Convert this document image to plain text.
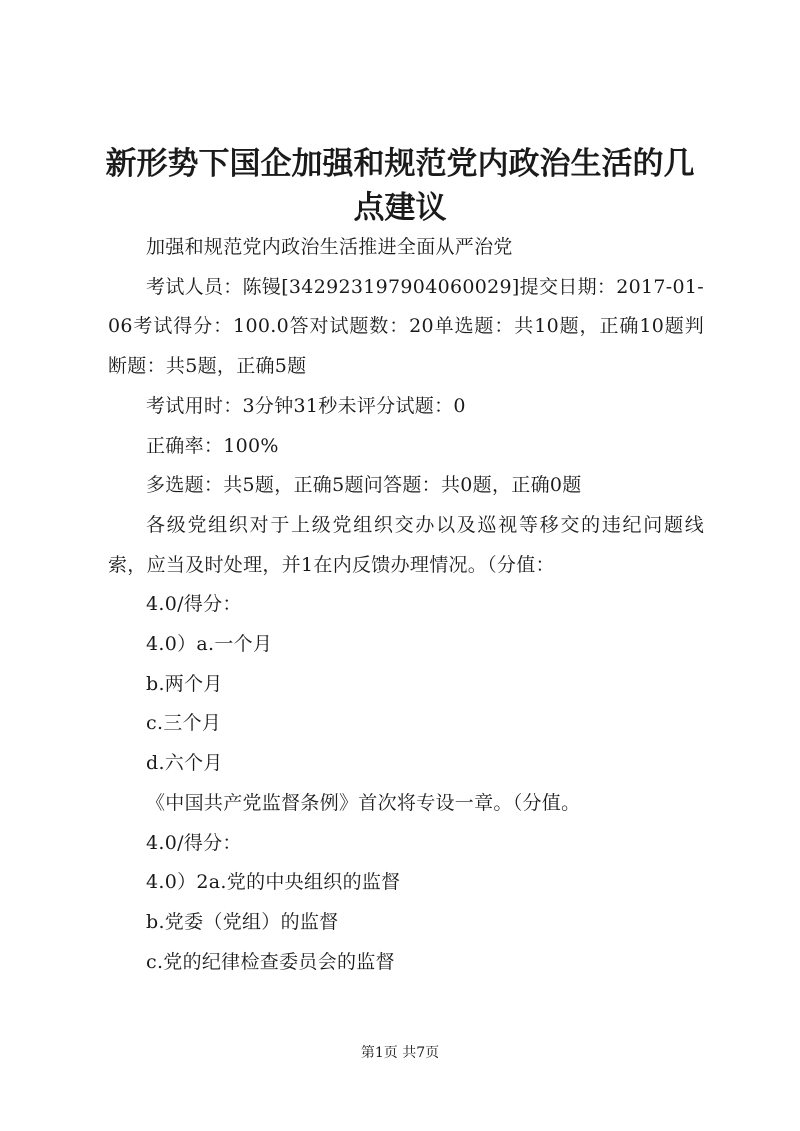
新形势下国企加强和规范党内政治生活的几点建议

加强和规范党内政治生活推进全面从严治党

考试人员：陈镘[342923197904060029]提交日期：2017-01-06考试得分：100.0答对试题数：20单选题：共10题，正确10题判断题：共5题，正确5题

考试用时：3分钟31秒未评分试题：0

正确率：100%

多选题：共5题，正确5题问答题：共0题，正确0题

各级党组织对于上级党组织交办以及巡视等移交的违纪问题线索，应当及时处理，并1在内反馈办理情况。（分值：

4.0/得分：

4.0）a.一个月

b.两个月

c.三个月

d.六个月

《中国共产党监督条例》首次将专设一章。（分值。

4.0/得分：

4.0）2a.党的中央组织的监督

b.党委（党组）的监督

c.党的纪律检查委员会的监督

第1页 共7页
